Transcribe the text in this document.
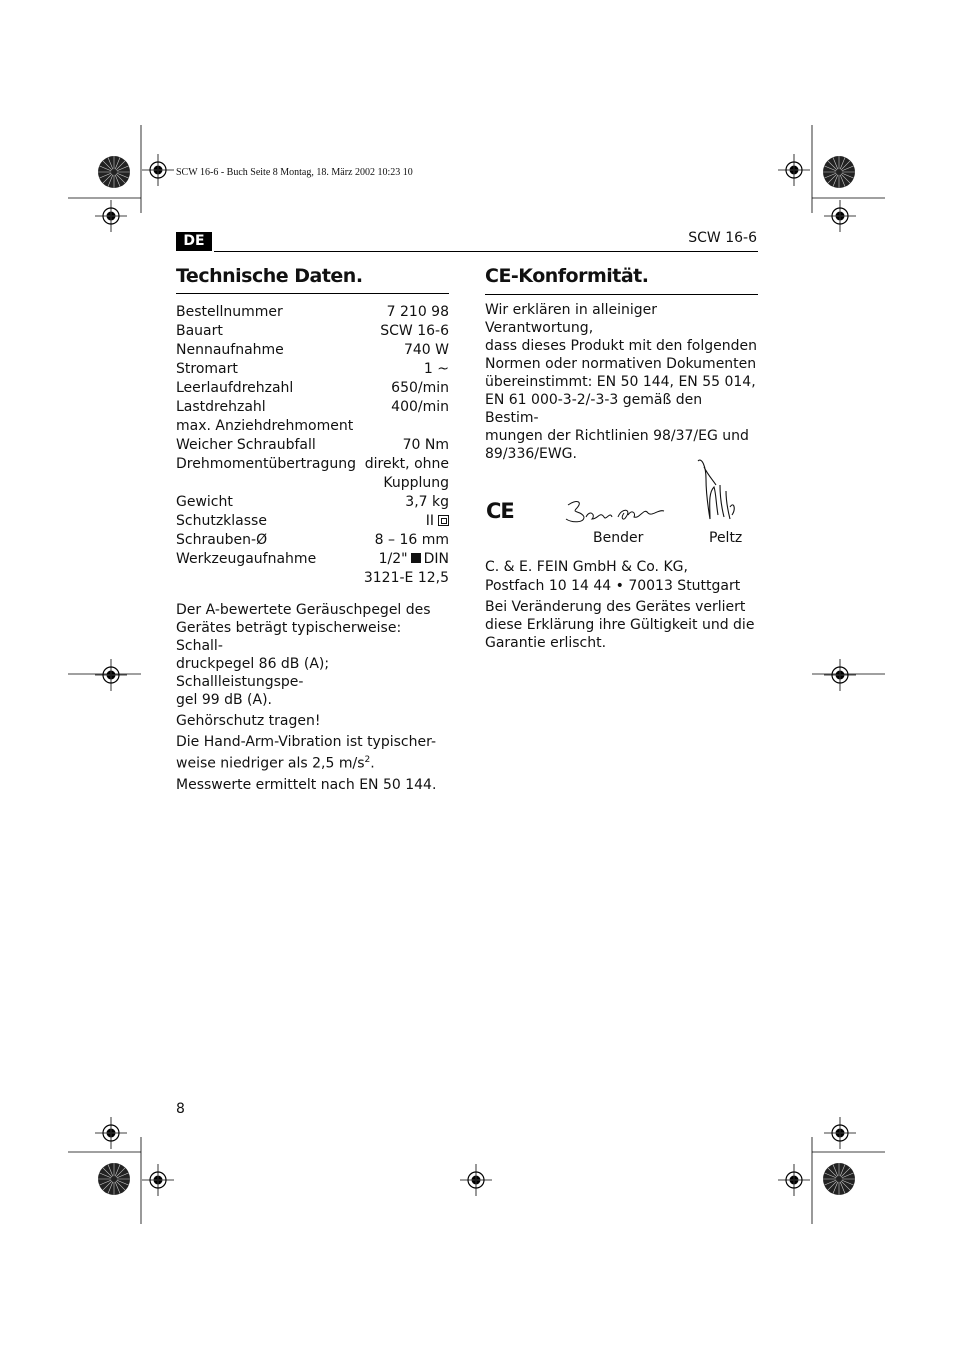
SCW 16-6 - Buch Seite 8 Montag, 18. März 2002 10:23 10
DE	SCW 16-6
Technische Daten.
Bestellnummer	7 210 98
Bauart	SCW 16-6
Nennaufnahme	740 W
Stromart	1 ~
Leerlaufdrehzahl	650/min
Lastdrehzahl	400/min
max. Anziehdrehmoment
Weicher Schraubfall	70 Nm
Drehmomentübertragung direkt, ohne
Kupplung
Gewicht	3,7 kg
Schutzklasse	II
Schrauben-Ø	8 – 16 mm
Werkzeugaufnahme	1/2" DIN
3121-E 12,5

Der A-bewertete Geräuschpegel des
Gerätes beträgt typischerweise: Schall-
druckpegel 86 dB (A); Schallleistungspe-
gel 99 dB (A).

Gehörschutz tragen!

Die Hand-Arm-Vibration ist typischer-
weise niedriger als 2,5 $m/s^2$.

Messwerte ermittelt nach EN 50 144.

CE-Konformität.
Wir erklären in alleiniger Verantwortung,
dass dieses Produkt mit den folgenden
Normen oder normativen Dokumenten
übereinstimmt: EN 50 144, EN 55 014,
EN 61 000-3-2/-3-3 gemäß den Bestim-
mungen der Richtlinien 98/37/EG und
89/336/EWG.
CE
Bender	Peltz
C. & E. FEIN GmbH & Co. KG,
Postfach 10 14 44 • 70013 Stuttgart
Bei Veränderung des Gerätes verliert
diese Erklärung ihre Gültigkeit und die
Garantie erlischt.
8
